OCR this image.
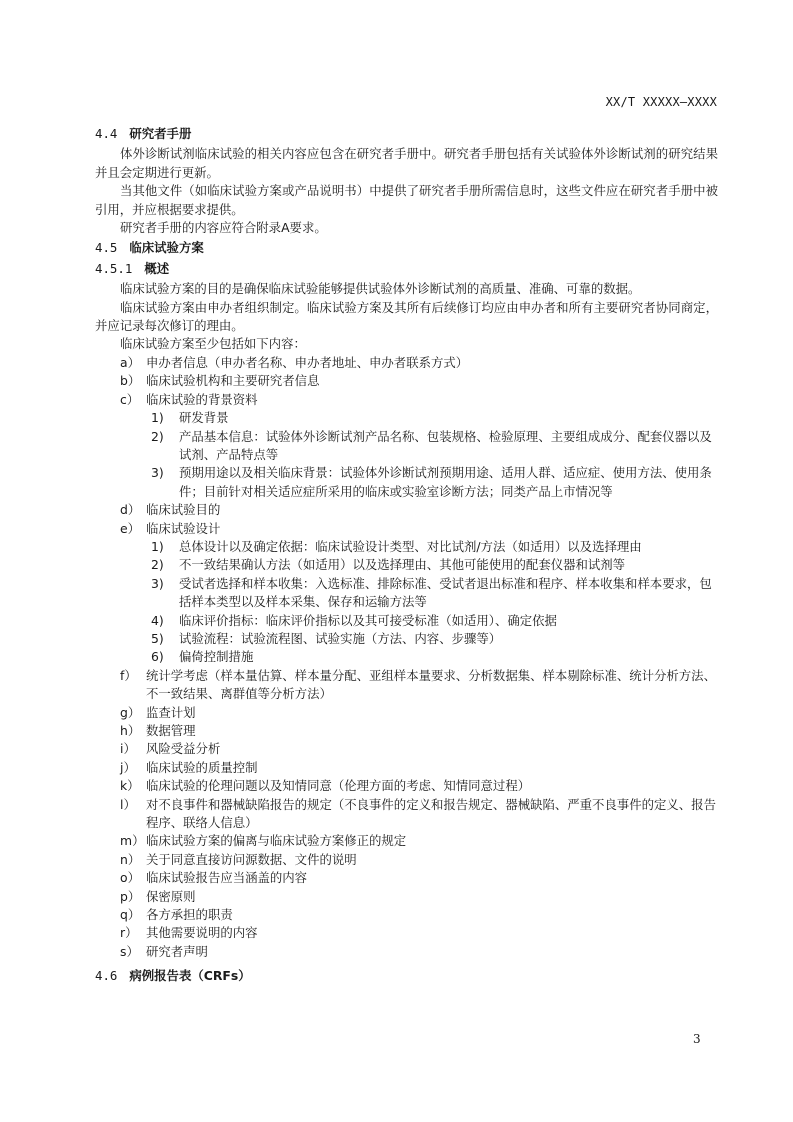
XX/T XXXXX—XXXX
4.4 研究者手册

体外诊断试剂临床试验的相关内容应包含在研究者手册中。研究者手册包括有关试验体外诊断试剂的研究结果并且会定期进行更新。

当其他文件（如临床试验方案或产品说明书）中提供了研究者手册所需信息时，这些文件应在研究者手册中被引用，并应根据要求提供。

研究者手册的内容应符合附录A要求。

4.5 临床试验方案
4.5.1 概述

临床试验方案的目的是确保临床试验能够提供试验体外诊断试剂的高质量、准确、可靠的数据。

临床试验方案由申办者组织制定。临床试验方案及其所有后续修订均应由申办者和所有主要研究者协同商定，并应记录每次修订的理由。

临床试验方案至少包括如下内容：

a） 申办者信息（申办者名称、申办者地址、申办者联系方式）
b） 临床试验机构和主要研究者信息
c） 临床试验的背景资料
1)	研发背景
2)	产品基本信息：试验体外诊断试剂产品名称、包装规格、检验原理、主要组成成分、配套仪器以及试剂、产品特点等
3)	预期用途以及相关临床背景：试验体外诊断试剂预期用途、适用人群、适应症、使用方法、使用条件；目前针对相关适应症所采用的临床或实验室诊断方法；同类产品上市情况等
d） 临床试验目的
e） 临床试验设计
1)	总体设计以及确定依据：临床试验设计类型、对比试剂/方法（如适用）以及选择理由
2)	不一致结果确认方法（如适用）以及选择理由、其他可能使用的配套仪器和试剂等
3)	受试者选择和样本收集：入选标准、排除标准、受试者退出标准和程序、样本收集和样本要求，包括样本类型以及样本采集、保存和运输方法等
4)	临床评价指标：临床评价指标以及其可接受标准（如适用）、确定依据
5)	试验流程：试验流程图、试验实施（方法、内容、步骤等）
6)	偏倚控制措施
f） 统计学考虑（样本量估算、样本量分配、亚组样本量要求、分析数据集、样本剔除标准、统计分析方法、不一致结果、离群值等分析方法）
g） 监查计划
h） 数据管理
i） 风险受益分析
j） 临床试验的质量控制
k） 临床试验的伦理问题以及知情同意（伦理方面的考虑、知情同意过程）
l） 对不良事件和器械缺陷报告的规定（不良事件的定义和报告规定、器械缺陷、严重不良事件的定义、报告程序、联络人信息）
m） 临床试验方案的偏离与临床试验方案修正的规定
n） 关于同意直接访问源数据、文件的说明
o） 临床试验报告应当涵盖的内容
p） 保密原则
q） 各方承担的职责
r） 其他需要说明的内容
s） 研究者声明
4.6 病例报告表（CRFs）
3
